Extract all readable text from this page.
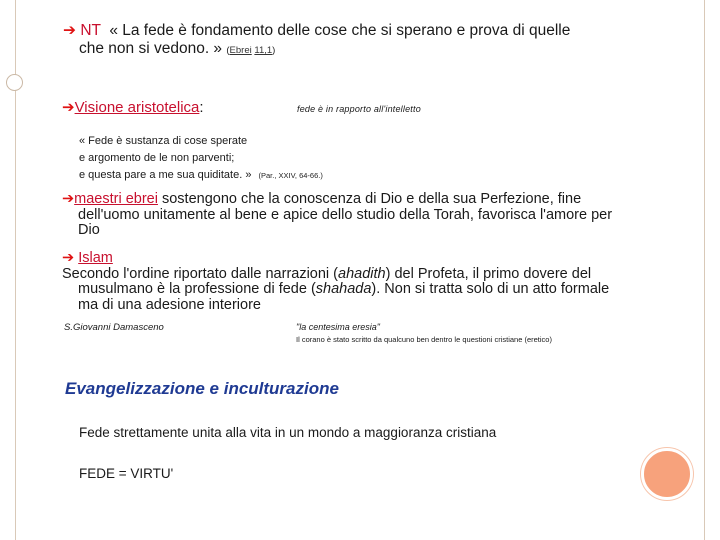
➔ NT « La fede è fondamento delle cose che si sperano e prova di quelle
che non si vedono. » (Ebrei 11,1)
➔Visione aristotelica:	fede è in rapporto all'intelletto
« Fede è sustanza di cose sperate
e argomento de le non parventi;
e questa pare a me sua quiditate. » (Par., XXIV, 64-66.)
➔maestri ebrei sostengono che la conoscenza di Dio e della sua Perfezione, fine
dell'uomo unitamente al bene e apice dello studio della Torah, favorisca l'amore per
Dio
➔ Islam
Secondo l'ordine riportato dalle narrazioni (ahadith) del Profeta, il primo dovere del
musulmano è la professione di fede (shahada). Non si tratta solo di un atto formale
ma di una adesione interiore
S.Giovanni Damasceno	"la centesima eresia"
Il corano è stato scritto da qualcuno ben dentro le questioni cristiane (eretico)
Evangelizzazione e inculturazione
Fede strettamente unita alla vita in un mondo a maggioranza cristiana
FEDE = VIRTU'
